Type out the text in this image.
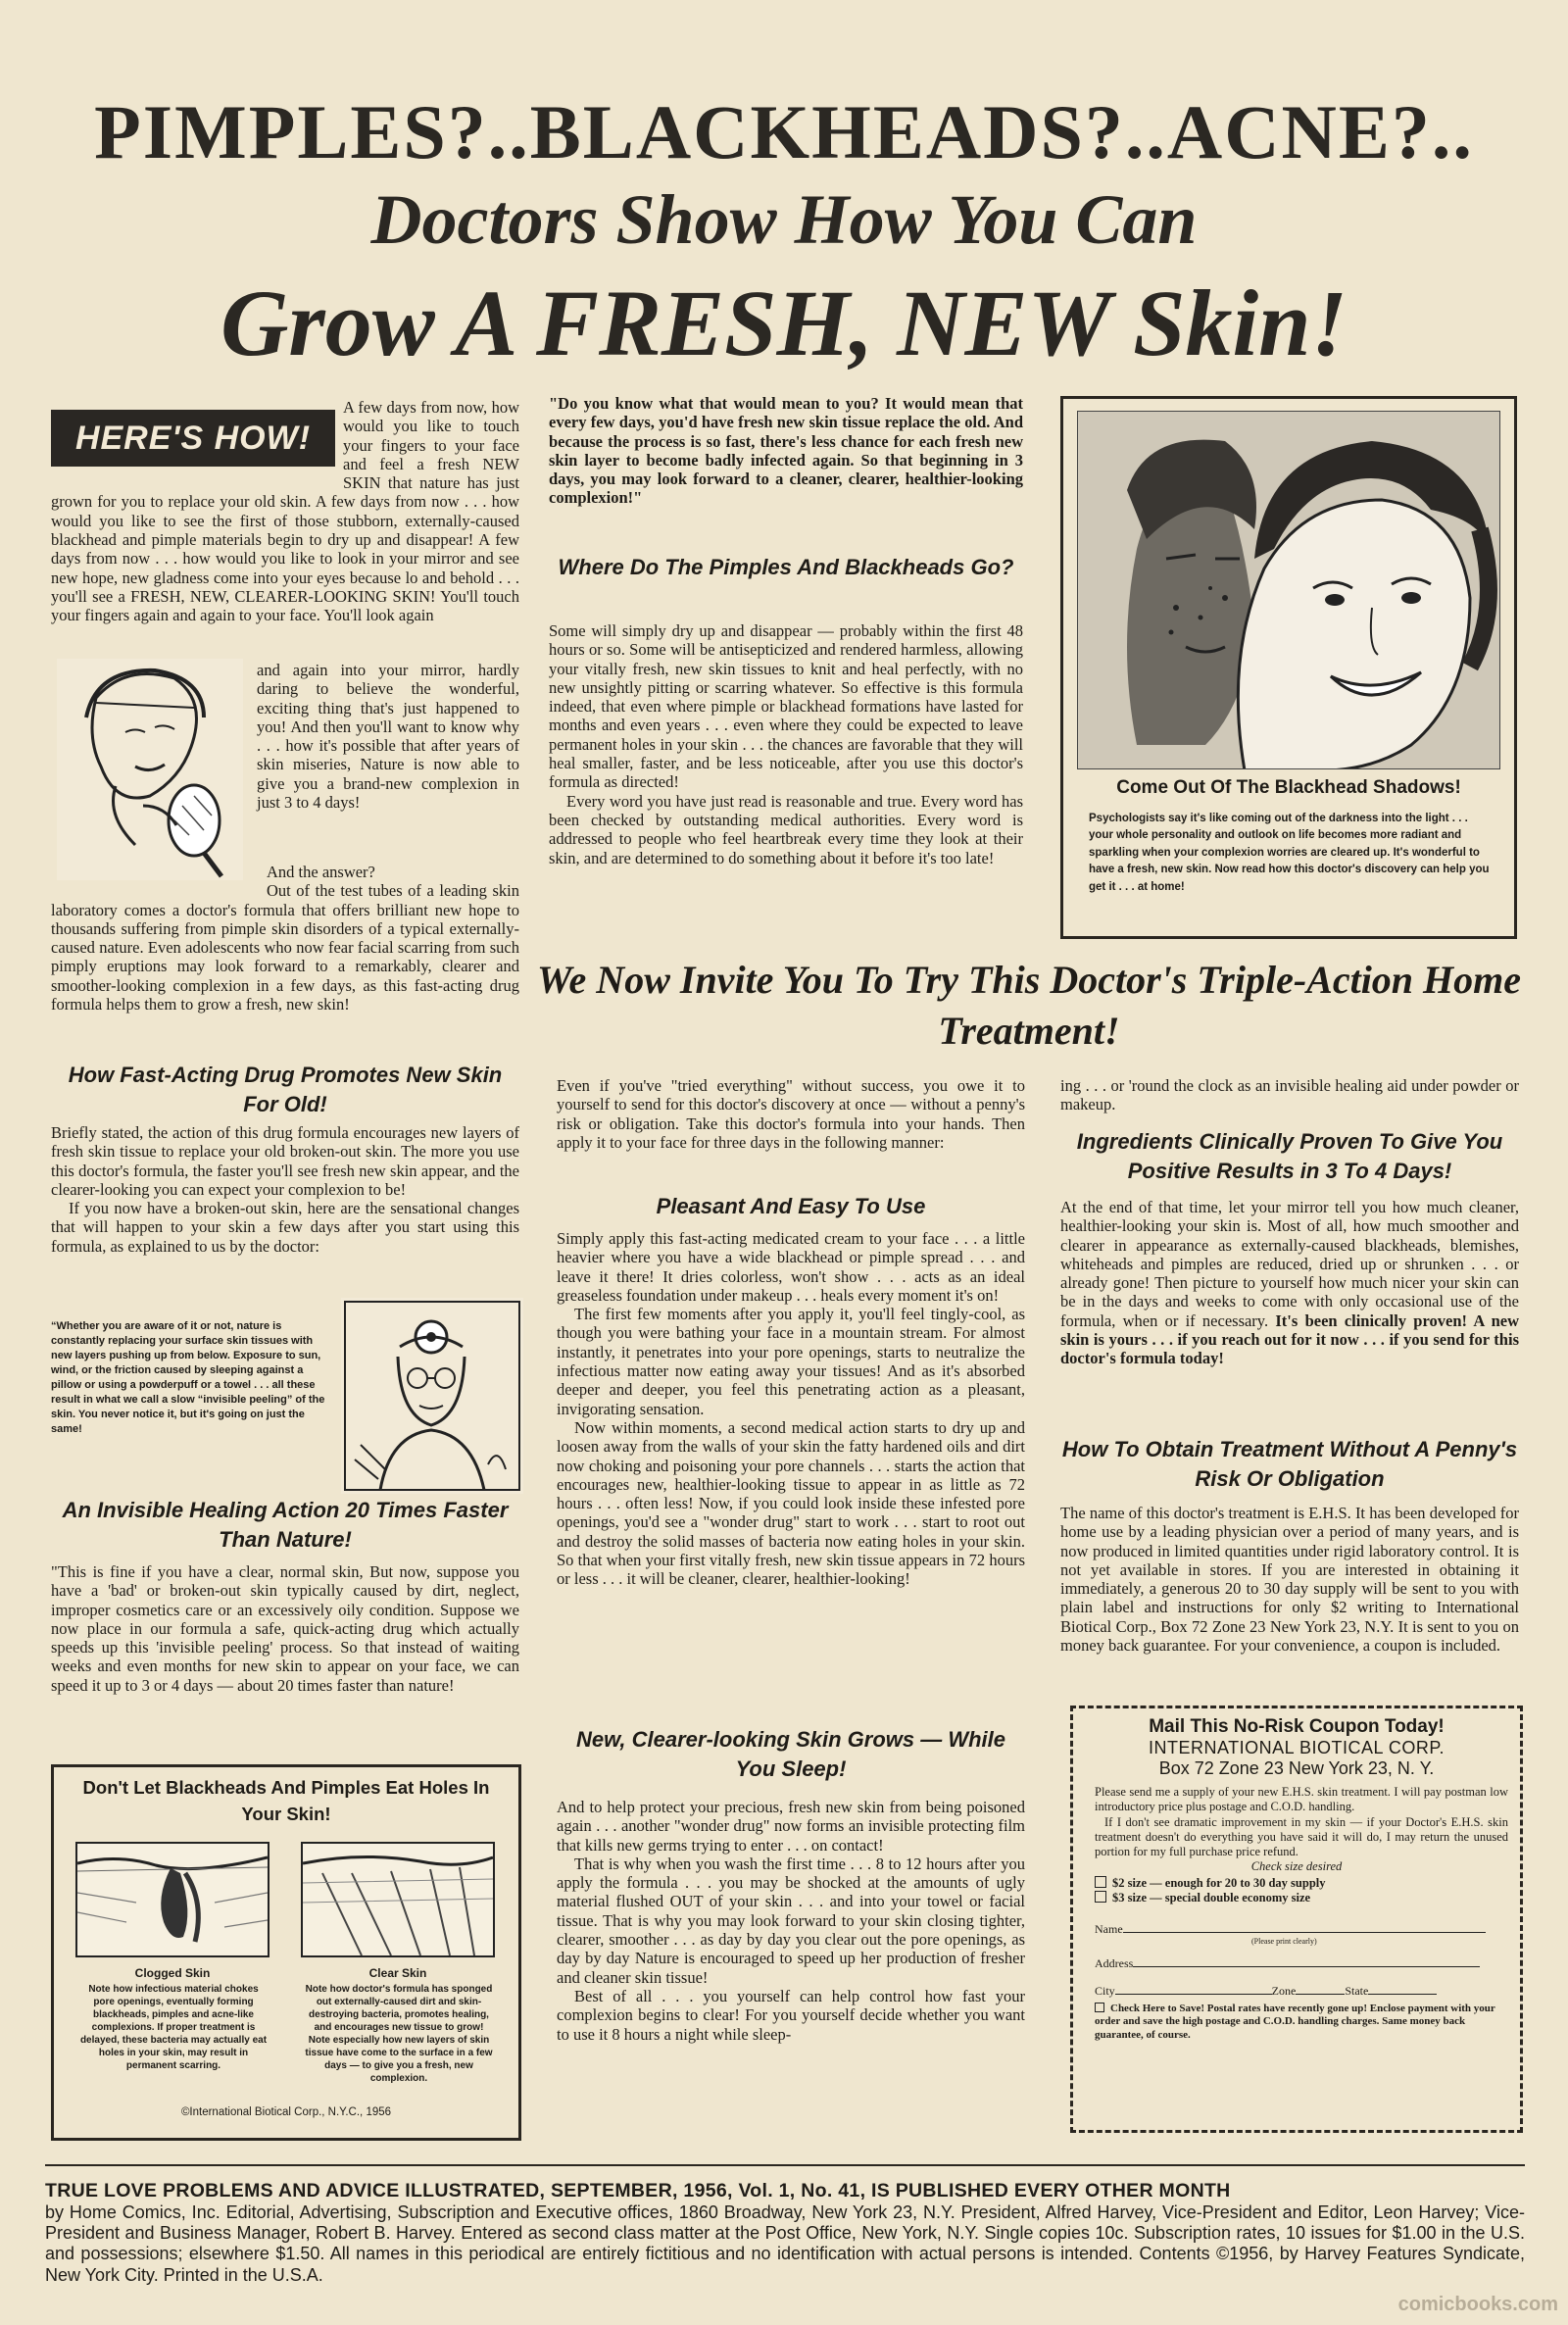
PIMPLES?..BLACKHEADS?..ACNE?..
Doctors Show How You Can
Grow A FRESH, NEW Skin!
HERE'S HOW!

A few days from now, how would you like to touch your fingers to your face and feel a fresh NEW SKIN that nature has just grown for you to replace your old skin. A few days from now . . . how would you like to see the first of those stubborn, externally-caused blackhead and pimple materials begin to dry up and disappear! A few days from now . . . how would you like to look in your mirror and see new hope, new gladness come into your eyes because lo and behold . . . you'll see a FRESH, NEW, CLEARER-LOOKING SKIN! You'll touch your fingers again and again to your face. You'll look again

and again into your mirror, hardly daring to believe the wonderful, exciting thing that's just happened to you! And then you'll want to know why . . . how it's possible that after years of skin miseries, Nature is now able to give you a brand-new complexion in just 3 to 4 days!

And the answer?

Out of the test tubes of a leading skin laboratory comes a doctor's formula that offers brilliant new hope to thousands suffering from pimple skin disorders of a typical externally-caused nature. Even adolescents who now fear facial scarring from such pimply eruptions may look forward to a remarkably, clearer and smoother-looking complexion in a few days, as this fast-acting drug formula helps them to grow a fresh, new skin!

How Fast-Acting Drug Promotes New Skin For Old!

Briefly stated, the action of this drug formula encourages new layers of fresh skin tissue to replace your old broken-out skin. The more you use this doctor's formula, the faster you'll see fresh new skin appear, and the clearer-looking you can expect your complexion to be!

If you now have a broken-out skin, here are the sensational changes that will happen to your skin a few days after you start using this formula, as explained to us by the doctor:

“Whether you are aware of it or not, nature is constantly replacing your surface skin tissues with new layers pushing up from below. Exposure to sun, wind, or the friction caused by sleeping against a pillow or using a powderpuff or a towel . . . all these result in what we call a slow “invisible peeling” of the skin. You never notice it, but it's going on just the same!
An Invisible Healing Action 20 Times Faster Than Nature!
"This is fine if you have a clear, normal skin, But now, suppose you have a 'bad' or broken-out skin typically caused by dirt, neglect, improper cosmetics care or an excessively oily condition. Suppose we now place in our formula a safe, quick-acting drug which actually speeds up this 'invisible peeling' process. So that instead of waiting weeks and even months for new skin to appear on your face, we can speed it up to 3 or 4 days — about 20 times faster than nature!
Don't Let Blackheads And Pimples Eat Holes In Your Skin!
Clogged Skin	Clear Skin
Note how infectious material chokes pore openings, eventually forming blackheads, pimples and acne-like complexions. If proper treatment is delayed, these bacteria may actually eat holes in your skin, may result in permanent scarring.
Note how doctor's formula has sponged out externally-caused dirt and skin-destroying bacteria, promotes healing, and encourages new tissue to grow! Note especially how new layers of skin tissue have come to the surface in a few days — to give you a fresh, new complexion.
©International Biotical Corp., N.Y.C., 1956
"Do you know what that would mean to you? It would mean that every few days, you'd have fresh new skin tissue replace the old. And because the process is so fast, there's less chance for each fresh new skin layer to become badly infected again. So that beginning in 3 days, you may look forward to a cleaner, clearer, healthier-looking complexion!"
Where Do The Pimples And Blackheads Go?

Some will simply dry up and disappear — probably within the first 48 hours or so. Some will be antisepticized and rendered harmless, allowing your vitally fresh, new skin tissues to knit and heal perfectly, with no new unsightly pitting or scarring whatever. So effective is this formula indeed, that even where pimple or blackhead formations have lasted for months and even years . . . even where they could be expected to leave permanent holes in your skin . . . the chances are favorable that they will heal smaller, faster, and be less noticeable, after you use this doctor's formula as directed!

Every word you have just read is reasonable and true. Every word has been checked by outstanding medical authorities. Every word is addressed to people who feel heartbreak every time they look at their skin, and are determined to do something about it before it's too late!

Come Out Of The Blackhead Shadows!
Psychologists say it's like coming out of the darkness into the light . . . your whole personality and outlook on life becomes more radiant and sparkling when your complexion worries are cleared up. It's wonderful to have a fresh, new skin. Now read how this doctor's discovery can help you get it . . . at home!
We Now Invite You To Try This Doctor's Triple-Action Home Treatment!
Even if you've "tried everything" without success, you owe it to yourself to send for this doctor's discovery at once — without a penny's risk or obligation. Take this doctor's formula into your hands. Then apply it to your face for three days in the following manner:
Pleasant And Easy To Use

Simply apply this fast-acting medicated cream to your face . . . a little heavier where you have a wide blackhead or pimple spread . . . and leave it there! It dries colorless, won't show . . . acts as an ideal greaseless foundation under makeup . . . heals every moment it's on!

The first few moments after you apply it, you'll feel tingly-cool, as though you were bathing your face in a mountain stream. For almost instantly, it penetrates into your pore openings, starts to neutralize the infectious matter now eating away your tissues! And as it's absorbed deeper and deeper, you feel this penetrating action as a pleasant, invigorating sensation.

Now within moments, a second medical action starts to dry up and loosen away from the walls of your skin the fatty hardened oils and dirt now choking and poisoning your pore channels . . . starts the action that encourages new, healthier-looking tissue to appear in as little as 72 hours . . . often less! Now, if you could look inside these infested pore openings, you'd see a "wonder drug" start to work . . . start to root out and destroy the solid masses of bacteria now eating holes in your skin. So that when your first vitally fresh, new skin tissue appears in 72 hours or less . . . it will be cleaner, clearer, healthier-looking!

New, Clearer-looking Skin Grows — While You Sleep!

And to help protect your precious, fresh new skin from being poisoned again . . . another "wonder drug" now forms an invisible protecting film that kills new germs trying to enter . . . on contact!

That is why when you wash the first time . . . 8 to 12 hours after you apply the formula . . . you may be shocked at the amounts of ugly material flushed OUT of your skin . . . and into your towel or facial tissue. That is why you may look forward to your skin closing tighter, clearer, smoother . . . as day by day you clear out the pore openings, as day by day Nature is encouraged to speed up her production of fresher and cleaner skin tissue!

Best of all . . . you yourself can help control how fast your complexion begins to clear! For you yourself decide whether you want to use it 8 hours a night while sleep-

ing . . . or 'round the clock as an invisible healing aid under powder or makeup.
Ingredients Clinically Proven To Give You Positive Results in 3 To 4 Days!
At the end of that time, let your mirror tell you how much cleaner, healthier-looking your skin is. Most of all, how much smoother and clearer in appearance as externally-caused blackheads, blemishes, whiteheads and pimples are reduced, dried up or shrunken . . . or already gone! Then picture to yourself how much nicer your skin can be in the days and weeks to come with only occasional use of the formula, when or if necessary. It's been clinically proven! A new skin is yours . . . if you reach out for it now . . . if you send for this doctor's formula today!
How To Obtain Treatment Without A Penny's Risk Or Obligation
The name of this doctor's treatment is E.H.S. It has been developed for home use by a leading physician over a period of many years, and is now produced in limited quantities under rigid laboratory control. It is not yet available in stores. If you are interested in obtaining it immediately, a generous 20 to 30 day supply will be sent to you with plain label and instructions for only $2 writing to International Biotical Corp., Box 72 Zone 23 New York 23, N.Y. It is sent to you on money back guarantee. For your convenience, a coupon is included.

Mail This No-Risk Coupon Today!

INTERNATIONAL BIOTICAL CORP.

Box 72 Zone 23 New York 23, N. Y.

Please send me a supply of your new E.H.S. skin treatment. I will pay postman low introductory price plus postage and C.O.D. handling.

If I don't see dramatic improvement in my skin — if your Doctor's E.H.S. skin treatment doesn't do everything you have said it will do, I may return the unused portion for my full purchase price refund.

Check size desired

$2 size — enough for 20 to 30 day supply

$3 size — special double economy size

Name

(Please print clearly)

Address

City	Zone	State

Check Here to Save! Postal rates have recently gone up! Enclose payment with your order and save the high postage and C.O.D. handling charges. Same money back guarantee, of course.

TRUE LOVE PROBLEMS AND ADVICE ILLUSTRATED, SEPTEMBER, 1956, Vol. 1, No. 41, IS PUBLISHED EVERY OTHER MONTH
by Home Comics, Inc. Editorial, Advertising, Subscription and Executive offices, 1860 Broadway, New York 23, N.Y. President, Alfred Harvey, Vice-President and Editor, Leon Harvey; Vice-President and Business Manager, Robert B. Harvey. Entered as second class matter at the Post Office, New York, N.Y. Single copies 10c. Subscription rates, 10 issues for $1.00 in the U.S. and possessions; elsewhere $1.50. All names in this periodical are entirely fictitious and no identification with actual persons is intended. Contents ©1956, by Harvey Features Syndicate, New York City. Printed in the U.S.A.
comicbooks.com
